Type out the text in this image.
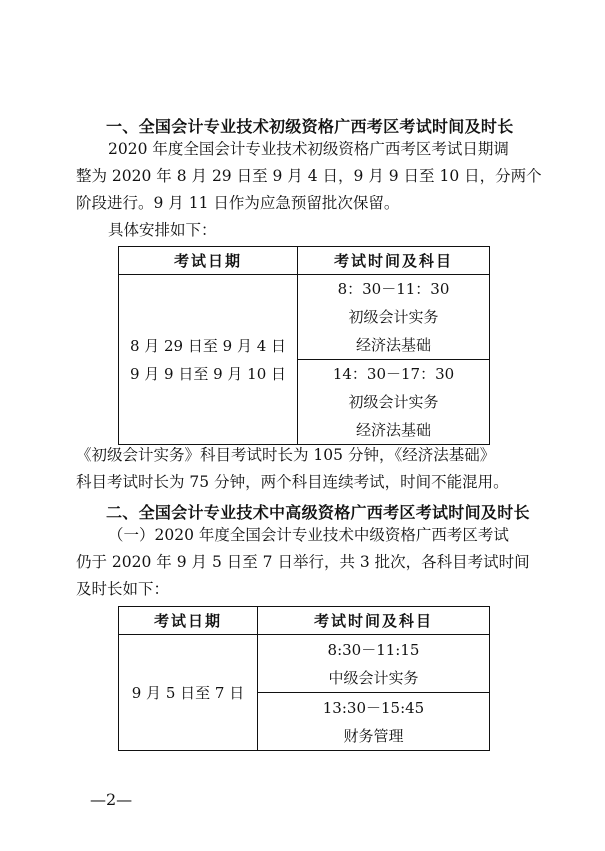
一、全国会计专业技术初级资格广西考区考试时间及时长
2020 年度全国会计专业技术初级资格广西考区考试日期调
整为 2020 年 8 月 29 日至 9 月 4 日，9 月 9 日至 10 日，分两个
阶段进行。9 月 11 日作为应急预留批次保留。
具体安排如下：
考试日期	考试时间及科目

8 月 29 日至 9 月 4 日
9 月 9 日至 9 月 10 日	8：30－11：30
初级会计实务
经济法基础

	14：30－17：30
初级会计实务
经济法基础
《初级会计实务》科目考试时长为 105 分钟，《经济法基础》
科目考试时长为 75 分钟，两个科目连续考试，时间不能混用。
二、全国会计专业技术中高级资格广西考区考试时间及时长
（一）2020 年度全国会计专业技术中级资格广西考区考试
仍于 2020 年 9 月 5 日至 7 日举行，共 3 批次，各科目考试时间
及时长如下：
考试日期	考试时间及科目

9 月 5 日至 7 日	8:30－11:15
中级会计实务

	13:30－15:45
财务管理
—2—
